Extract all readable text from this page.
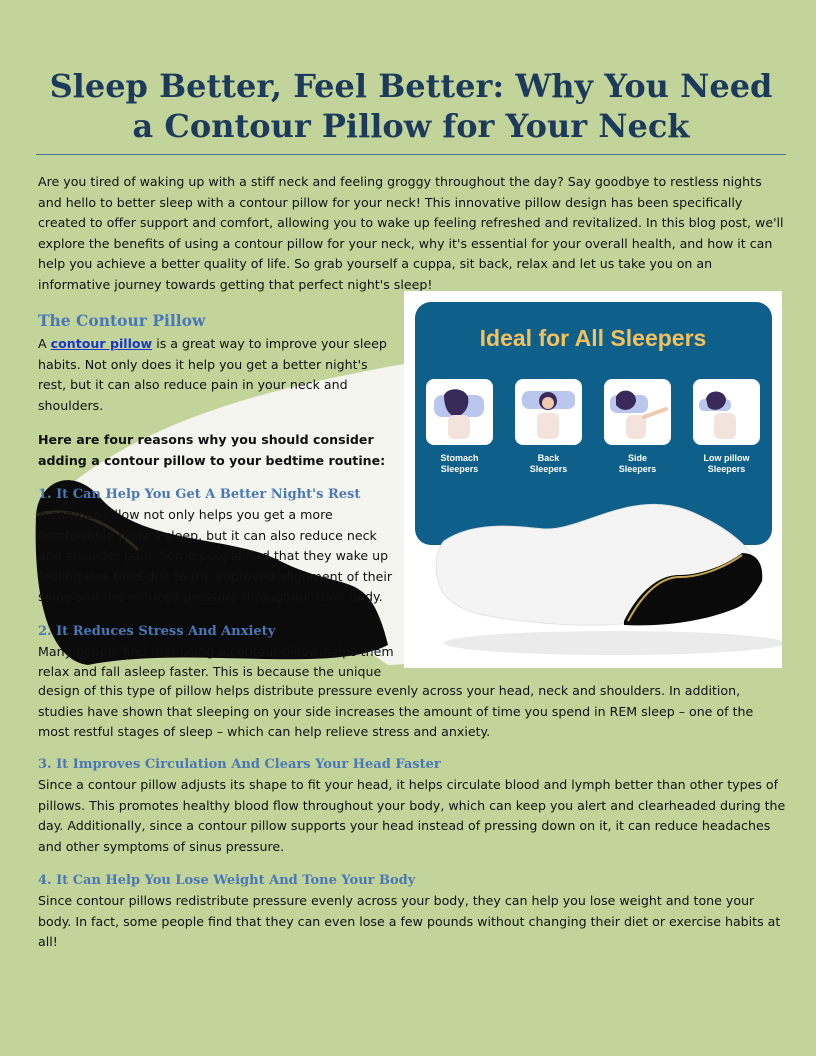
Sleep Better, Feel Better: Why You Need a Contour Pillow for Your Neck

Are you tired of waking up with a stiff neck and feeling groggy throughout the day? Say goodbye to restless nights and hello to better sleep with a contour pillow for your neck! This innovative pillow design has been specifically created to offer support and comfort, allowing you to wake up feeling refreshed and revitalized. In this blog post, we'll explore the benefits of using a contour pillow for your neck, why it's essential for your overall health, and how it can help you achieve a better quality of life. So grab yourself a cuppa, sit back, relax and let us take you on an informative journey towards getting that perfect night's sleep!

The Contour Pillow

A contour pillow is a great way to improve your sleep habits. Not only does it help you get a better night's rest, but it can also reduce pain in your neck and shoulders.

Here are four reasons why you should consider adding a contour pillow to your bedtime routine:

1. It Can Help You Get A Better Night's Rest

A contour pillow not only helps you get a more comfortable night's sleep, but it can also reduce neck and shoulder pain. Some people find that they wake up feeling less tired due to the improved alignment of their spine and the reduced pressure throughout their body.

2. It Reduces Stress And Anxiety

Many people find that using a contour pillow helps them relax and fall asleep faster. This is because the unique

design of this type of pillow helps distribute pressure evenly across your head, neck and shoulders. In addition, studies have shown that sleeping on your side increases the amount of time you spend in REM sleep – one of the most restful stages of sleep – which can help relieve stress and anxiety.

3. It Improves Circulation And Clears Your Head Faster

Since a contour pillow adjusts its shape to fit your head, it helps circulate blood and lymph better than other types of pillows. This promotes healthy blood flow throughout your body, which can keep you alert and clearheaded during the day. Additionally, since a contour pillow supports your head instead of pressing down on it, it can reduce headaches and other symptoms of sinus pressure.

4. It Can Help You Lose Weight And Tone Your Body

Since contour pillows redistribute pressure evenly across your body, they can help you lose weight and tone your body. In fact, some people find that they can even lose a few pounds without changing their diet or exercise habits at all!

Ideal for All Sleepers
Stomach
Sleepers
Back
Sleepers
Side
Sleepers
Low pillow
Sleepers
